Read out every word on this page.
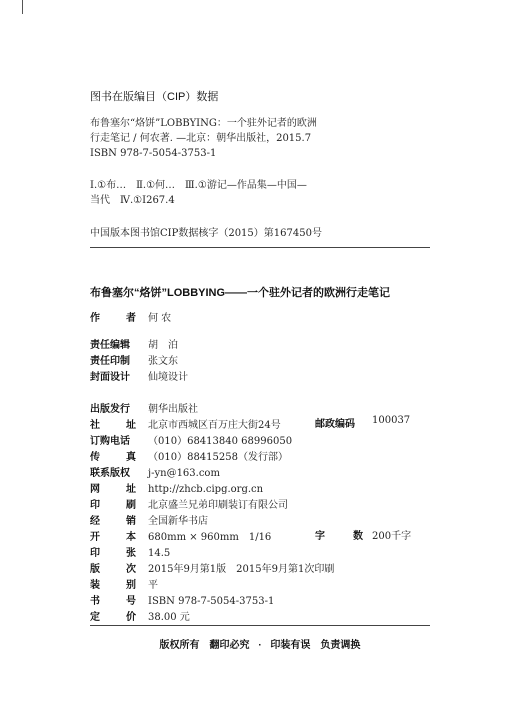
图书在版编目（CIP）数据
布鲁塞尔“烙饼”LOBBYING：一个驻外记者的欧洲
行走笔记 / 何农著. —北京：朝华出版社，2015.7
ISBN 978-7-5054-3753-1
Ⅰ.①布…　Ⅱ.①何…　Ⅲ.①游记—作品集—中国—
当代　Ⅳ.①I267.4
中国版本图书馆CIP数据核字（2015）第167450号
布鲁塞尔“烙饼”LOBBYING——一个驻外记者的欧洲行走笔记
作	者 何 农
责任编辑 胡　泊
责任印制 张文东
封面设计 仙境设计
出版发行 朝华出版社
社	址 北京市西城区百万庄大街24号	邮政编码	100037
订购电话 （010）68413840 68996050
传	真 （010）88415258（发行部）
联系版权 j-yn@163.com
网	址 http://zhcb.cipg.org.cn
印	刷 北京盛兰兄弟印刷装订有限公司
经	销 全国新华书店
开	本 680mm × 960mm　1/16	字	数 200千字
印	张 14.5
版	次 2015年9月第1版　2015年9月第1次印刷
装	别 平
书	号 ISBN 978-7-5054-3753-1
定	价 38.00 元
版权所有　翻印必究 · 印装有误　负责调换
